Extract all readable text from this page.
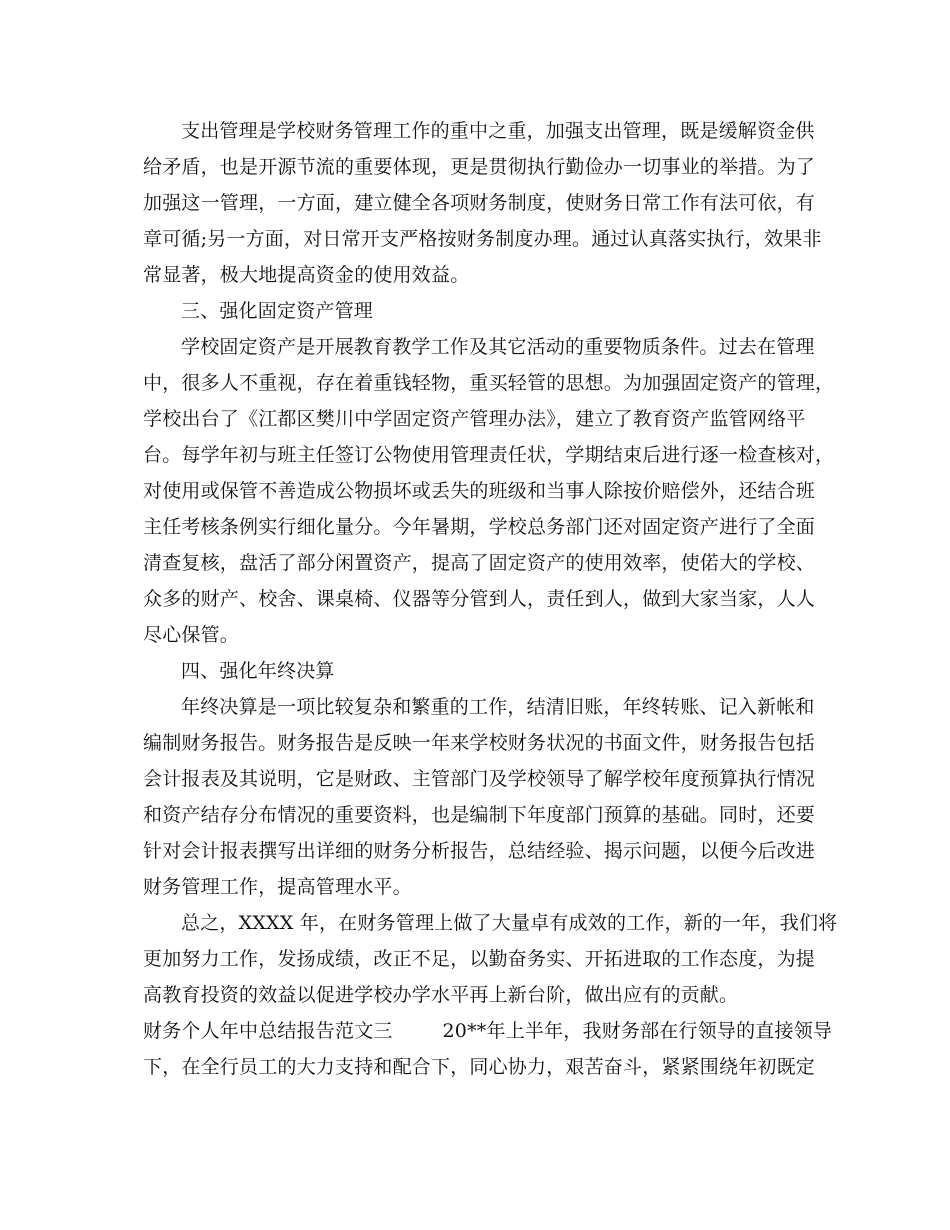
支出管理是学校财务管理工作的重中之重，加强支出管理，既是缓解资金供
给矛盾，也是开源节流的重要体现，更是贯彻执行勤俭办一切事业的举措。为了
加强这一管理，一方面，建立健全各项财务制度，使财务日常工作有法可依，有
章可循;另一方面，对日常开支严格按财务制度办理。通过认真落实执行，效果非
常显著，极大地提高资金的使用效益。
三、强化固定资产管理
学校固定资产是开展教育教学工作及其它活动的重要物质条件。过去在管理
中，很多人不重视，存在着重钱轻物，重买轻管的思想。为加强固定资产的管理，
学校出台了《江都区樊川中学固定资产管理办法》，建立了教育资产监管网络平
台。每学年初与班主任签订公物使用管理责任状，学期结束后进行逐一检查核对，
对使用或保管不善造成公物损坏或丢失的班级和当事人除按价赔偿外，还结合班
主任考核条例实行细化量分。今年暑期，学校总务部门还对固定资产进行了全面
清查复核，盘活了部分闲置资产，提高了固定资产的使用效率，使偌大的学校、
众多的财产、校舍、课桌椅、仪器等分管到人，责任到人，做到大家当家，人人
尽心保管。
四、强化年终决算
年终决算是一项比较复杂和繁重的工作，结清旧账，年终转账、记入新帐和
编制财务报告。财务报告是反映一年来学校财务状况的书面文件，财务报告包括
会计报表及其说明，它是财政、主管部门及学校领导了解学校年度预算执行情况
和资产结存分布情况的重要资料，也是编制下年度部门预算的基础。同时，还要
针对会计报表撰写出详细的财务分析报告，总结经验、揭示问题，以便今后改进
财务管理工作，提高管理水平。
总之，XXXX 年，在财务管理上做了大量卓有成效的工作，新的一年，我们将
更加努力工作，发扬成绩，改正不足，以勤奋务实、开拓进取的工作态度，为提
高教育投资的效益以促进学校办学水平再上新台阶，做出应有的贡献。
财务个人年中总结报告范文三        20**年上半年，我财务部在行领导的直接领导
下，在全行员工的大力支持和配合下，同心协力，艰苦奋斗，紧紧围绕年初既定
